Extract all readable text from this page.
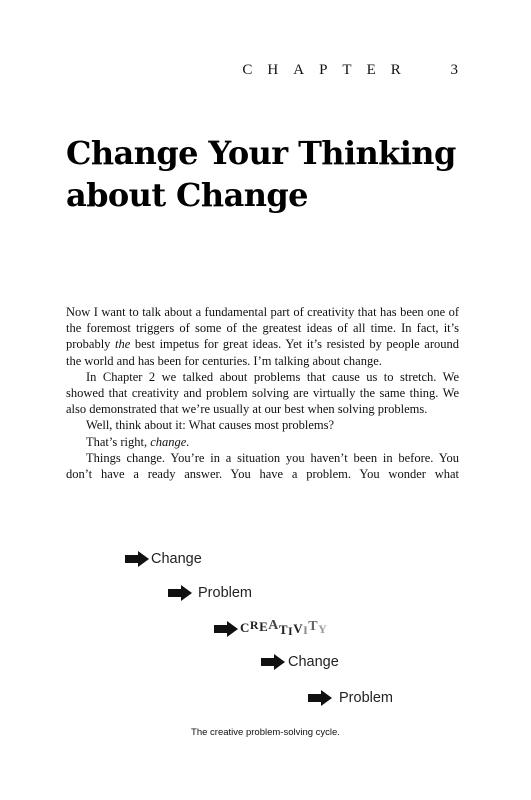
CHAPTER 3
Change Your Thinking
about Change

Now I want to talk about a fundamental part of creativity that has been one of the foremost triggers of some of the greatest ideas of all time. In fact, it’s probably the best impetus for great ideas. Yet it’s resisted by people around the world and has been for centuries. I’m talking about change.

In Chapter 2 we talked about problems that cause us to stretch. We showed that creativity and problem solving are virtually the same thing. We also demonstrated that we’re usually at our best when solving problems.

Well, think about it: What causes most problems?

That’s right, change.

Things change. You’re in a situation you haven’t been in before. You don’t have a ready answer. You have a problem. You wonder what

Change
Problem
CREATIVITY
Change
Problem
The creative problem-solving cycle.
